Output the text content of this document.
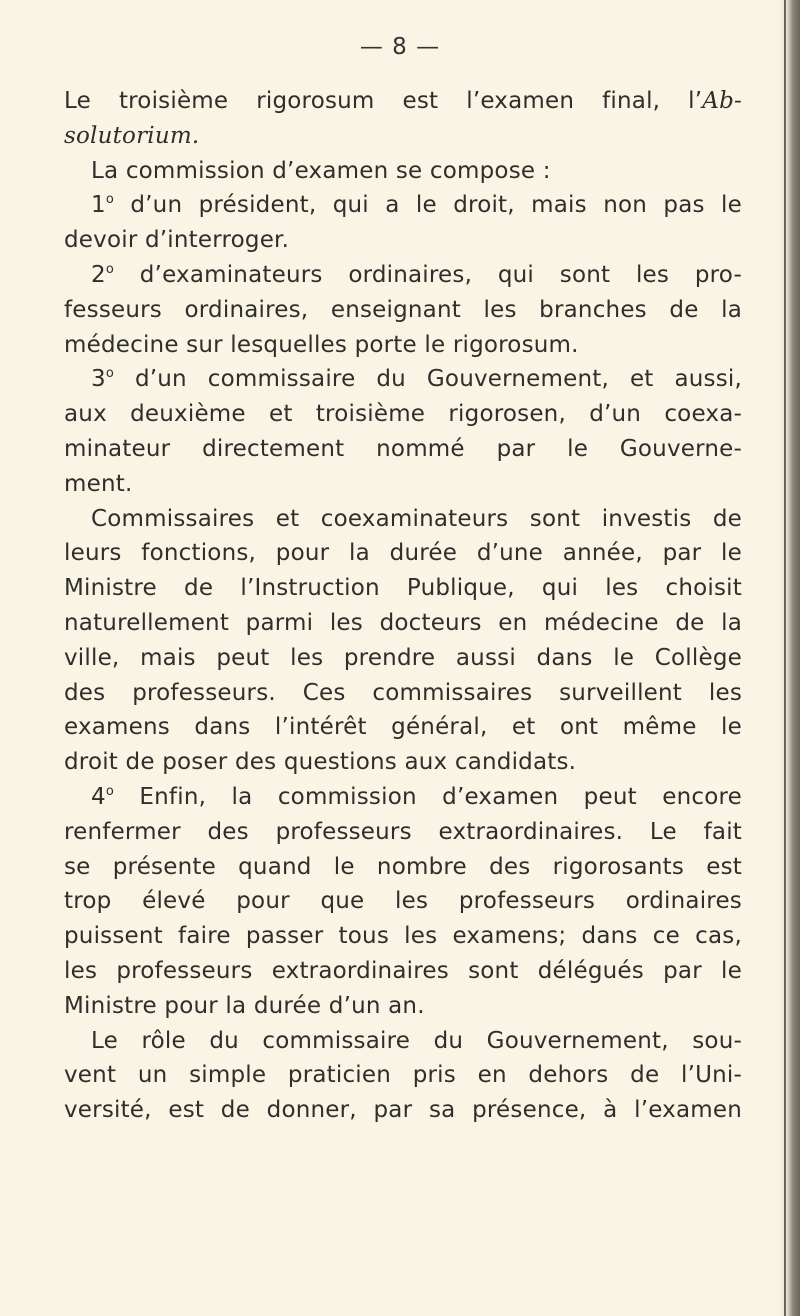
— 8 —
Le troisième rigorosum est l’examen final, l’Ab-
solutorium.
La commission d’examen se compose :
1$^o$ d’un président, qui a le droit, mais non pas le
devoir d’interroger.
2$^o$ d’examinateurs ordinaires, qui sont les pro-
fesseurs ordinaires, enseignant les branches de la
médecine sur lesquelles porte le rigorosum.
3$^o$ d’un commissaire du Gouvernement, et aussi,
aux deuxième et troisième rigorosen, d’un coexa-
minateur directement nommé par le Gouverne-
ment.
Commissaires et coexaminateurs sont investis de
leurs fonctions, pour la durée d’une année, par le
Ministre de l’Instruction Publique, qui les choisit
naturellement parmi les docteurs en médecine de la
ville, mais peut les prendre aussi dans le Collège
des professeurs. Ces commissaires surveillent les
examens dans l’intérêt général, et ont même le
droit de poser des questions aux candidats.
4$^o$ Enfin, la commission d’examen peut encore
renfermer des professeurs extraordinaires. Le fait
se présente quand le nombre des rigorosants est
trop élevé pour que les professeurs ordinaires
puissent faire passer tous les examens; dans ce cas,
les professeurs extraordinaires sont délégués par le
Ministre pour la durée d’un an.
Le rôle du commissaire du Gouvernement, sou-
vent un simple praticien pris en dehors de l’Uni-
versité, est de donner, par sa présence, à l’examen
